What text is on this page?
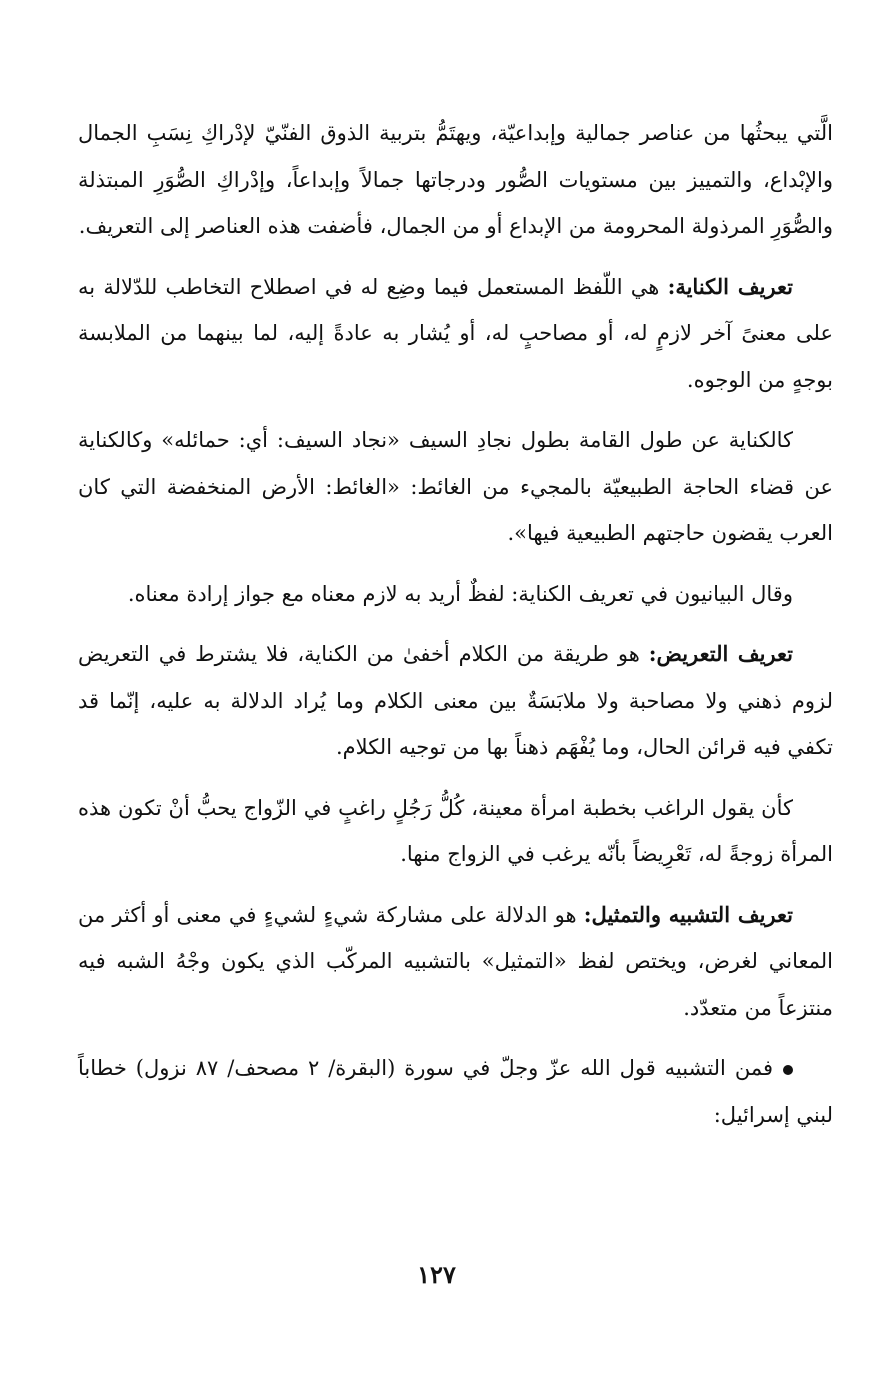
الَّتي يبحثُها من عناصر جمالية وإبداعيّة، ويهتَمُّ بتربية الذوق الفنّيّ لإدْراكِ نِسَبِ الجمال والإبْداع، والتمييز بين مستويات الصُّور ودرجاتها جمالاً وإبداعاً، وإدْراكِ الصُّوَرِ المبتذلة والصُّوَرِ المرذولة المحرومة من الإبداع أو من الجمال، فأضفت هذه العناصر إلى التعريف.

تعريف الكناية: هي اللّفظ المستعمل فيما وضِع له في اصطلاح التخاطب للدّلالة به على معنىً آخر لازمٍ له، أو مصاحبٍ له، أو يُشار به عادةً إليه، لما بينهما من الملابسة بوجهٍ من الوجوه.

كالكناية عن طول القامة بطول نجادِ السيف «نجاد السيف: أي: حمائله» وكالكناية عن قضاء الحاجة الطبيعيّة بالمجيء من الغائط: «الغائط: الأرض المنخفضة التي كان العرب يقضون حاجتهم الطبيعية فيها».

وقال البيانيون في تعريف الكناية: لفظٌ أريد به لازم معناه مع جواز إرادة معناه.

تعريف التعريض: هو طريقة من الكلام أخفىٰ من الكناية، فلا يشترط في التعريض لزوم ذهني ولا مصاحبة ولا ملابَسَةٌ بين معنى الكلام وما يُراد الدلالة به عليه، إنّما قد تكفي فيه قرائن الحال، وما يُفْهَم ذهناً بها من توجيه الكلام.

كأن يقول الراغب بخطبة امرأة معينة، كُلُّ رَجُلٍ راغبٍ في الزّواج يحبُّ أنْ تكون هذه المرأة زوجةً له، تَعْرِيضاً بأنّه يرغب في الزواج منها.

تعريف التشبيه والتمثيل: هو الدلالة على مشاركة شيءٍ لشيءٍ في معنى أو أكثر من المعاني لغرض، ويختص لفظ «التمثيل» بالتشبيه المركّب الذي يكون وجْهُ الشبه فيه منتزعاً من متعدّد.

فمن التشبيه قول الله عزّ وجلّ في سورة (البقرة/ ٢ مصحف/ ٨٧ نزول) خطاباً لبني إسرائيل:

١٢٧
